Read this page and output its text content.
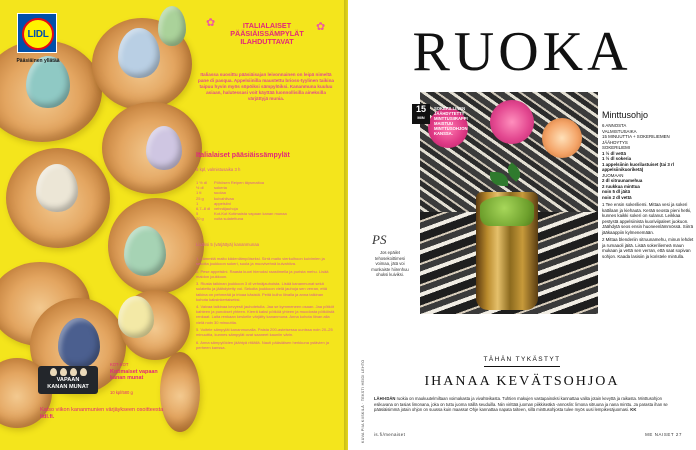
LIDL
Pääsiäinen yllätää
✿	✿
ITALIALAISET PÄÄSIÄISSÄMPYLÄT ILAHDUTTAVAT
Italiassa suosittu pääsiäisajan leivonnainen on leipä nimeltä pane di pasqua. Appelsiinilla maustettu brioss-tyylinen taikina taipuu hyvin myös söpöiksi sämpylöiksi. Kananmuna kuuluu asiaan, halutessasi voit käyttää luonnollisilla aineksilla värjättyjä munia.
Italialaiset pääsiäissämpylät
5 kpl, valmistusaika 3 h
1 ½ dl	Pöhösen Reipen täysmaitoa
½ dl	sokeria
1 tl	suolaa
25 g	kuivahiivaa
1	appelsiini
6,7–8 dl vehnäjauhoja
5	Kot-Kot Kotimaista vapaan kanan munaa
20 g	voita sulatettuna
Lisäksi 5 (värjättyä) kananmunaa
1. Lämmitä maito kädenlämpöiseksi. Sirrä maito vierkulhoon kuivimien ja sekoita joukkoon sokeri, suola ja muovivehnä kuivahiiva.
2. Pese appelsiini. Raasta kuori hienoksi raastimella ja purista mehu. Lisää maidon joukkoon.
3. Riusta taikinan joukkoon 3 dl vehnäjauhoista. Lisää kananmunat sekä sulatettu ja jäähdytetty voi. Sekoita joukkoon vielä jauhoja sen verran, että taikina on pehmeää ja irtoaa käsistä. Peitä kulho liinalla ja anna taikinan kohota kaksinkertaiseksi.
4. Vaivaa taikinaa kevyesti jauhotetulla. Jaa se kymmeneen osaan. Jaa pötköt kahteen ja punokset yhteen. Kierrä kaksi pötköä yhteen ja muodosta pötköistä renkaat. Laita renkaan keskelle värjätty kananmuna. Anna kohota liinan alla vielä noin 30 minuuttia.
5. Voitele sämpylät kananmunalla. Paista 200-asteisessa uunissa noin 20–25 minuuttia, kunnes sämpylät ovat saaneet kauniin värin.
6. Anna sämpylöiden jäähtyä ritilällä. Nauti pääsiäisen herkkuna ystävien ja perheen kanssa.
VAPAAN
KANAN MUNAT
KOT-KOT
Kotimaiset vapaan kanan munat
10 kpl/580 g
Katso viikon kananmunien värjäykseen osoitteesta lidl.fi.
RUOKA
15
MIN
SOKERILLINEN JÄÄHDYTETTY MINTTUSIIRAPPI MAISTUU MINTTUSOHJON KANSSA.
PS
Jos epäilet tehosekoittimesi voimaa, jätä voi munkaiste hiirenhuu ohuksi kuiviksi.
KUVA PIIA KIISKILÄ · TEKSTI HEIDI LEHTO
Minttusohjo
6 ANNOSTA
VALMISTUSAIKA
15 MINUUTTIA + SOKERILIEMEN JÄÄHDYTYS
SOKERILIEMI
1 ½ dl vettä
1 ½ dl sokeria
1 appelsiinin kuorilastuiset (tai 3 rl appelsiinikuoriketä)
JUOMAAN
2 dl sitruunamehua
2 ruukkua minttua
noin 5 dl jäitä
noin 2 dl vettä
1 Tee ensin sokeriliemi. Mittaa vesi ja sokeri kattilaan ja kiehauta. Kerää seosta pieni hetki, kunnes kaikki sokeri on sulanut. Leikkaa pestystä appelsiinista kuoriviipaleet juokuon. Jäähdytä seos ensin huoneenlämmössä. Siirrä jääkaappiin kylmenemään.
2 Mittaa blenderiin sitruunamehu, minun lehdet ja rumaaoli jäitä. Lisää sokeriliemeä maun mukaan ja vettä sen verran, että saat sopivan sohjon. Kaada lasisiin ja koristele mintulla.
TÄHÄN TYKÄSTYT
IHANAA KEVÄTSOHJOA
LÄHI-IDÄN ruokia on maukuutelmiltaan voimakasta ja vivahteikasta. Tuhtien makujen vastapainoksi kannattaa valita jotain kevyttä ja raikasta. Minttusohjon esikuvana on tasias limonana, joka on tuttu juoma näillä seuduilla. Niin virittää juoman piikkiseäkä -annoslin: limona sitruuna ja nana minttu. Ja parasta ihan se pääsiäisimmä jotain ohjon on suussa kuin maassa! Ohje kannattaa napata talteen, sillä minttusohjosta tulee myös uusi lempikesäjuomasi. KK
is.fi/menaiset	ME NAISET 27
